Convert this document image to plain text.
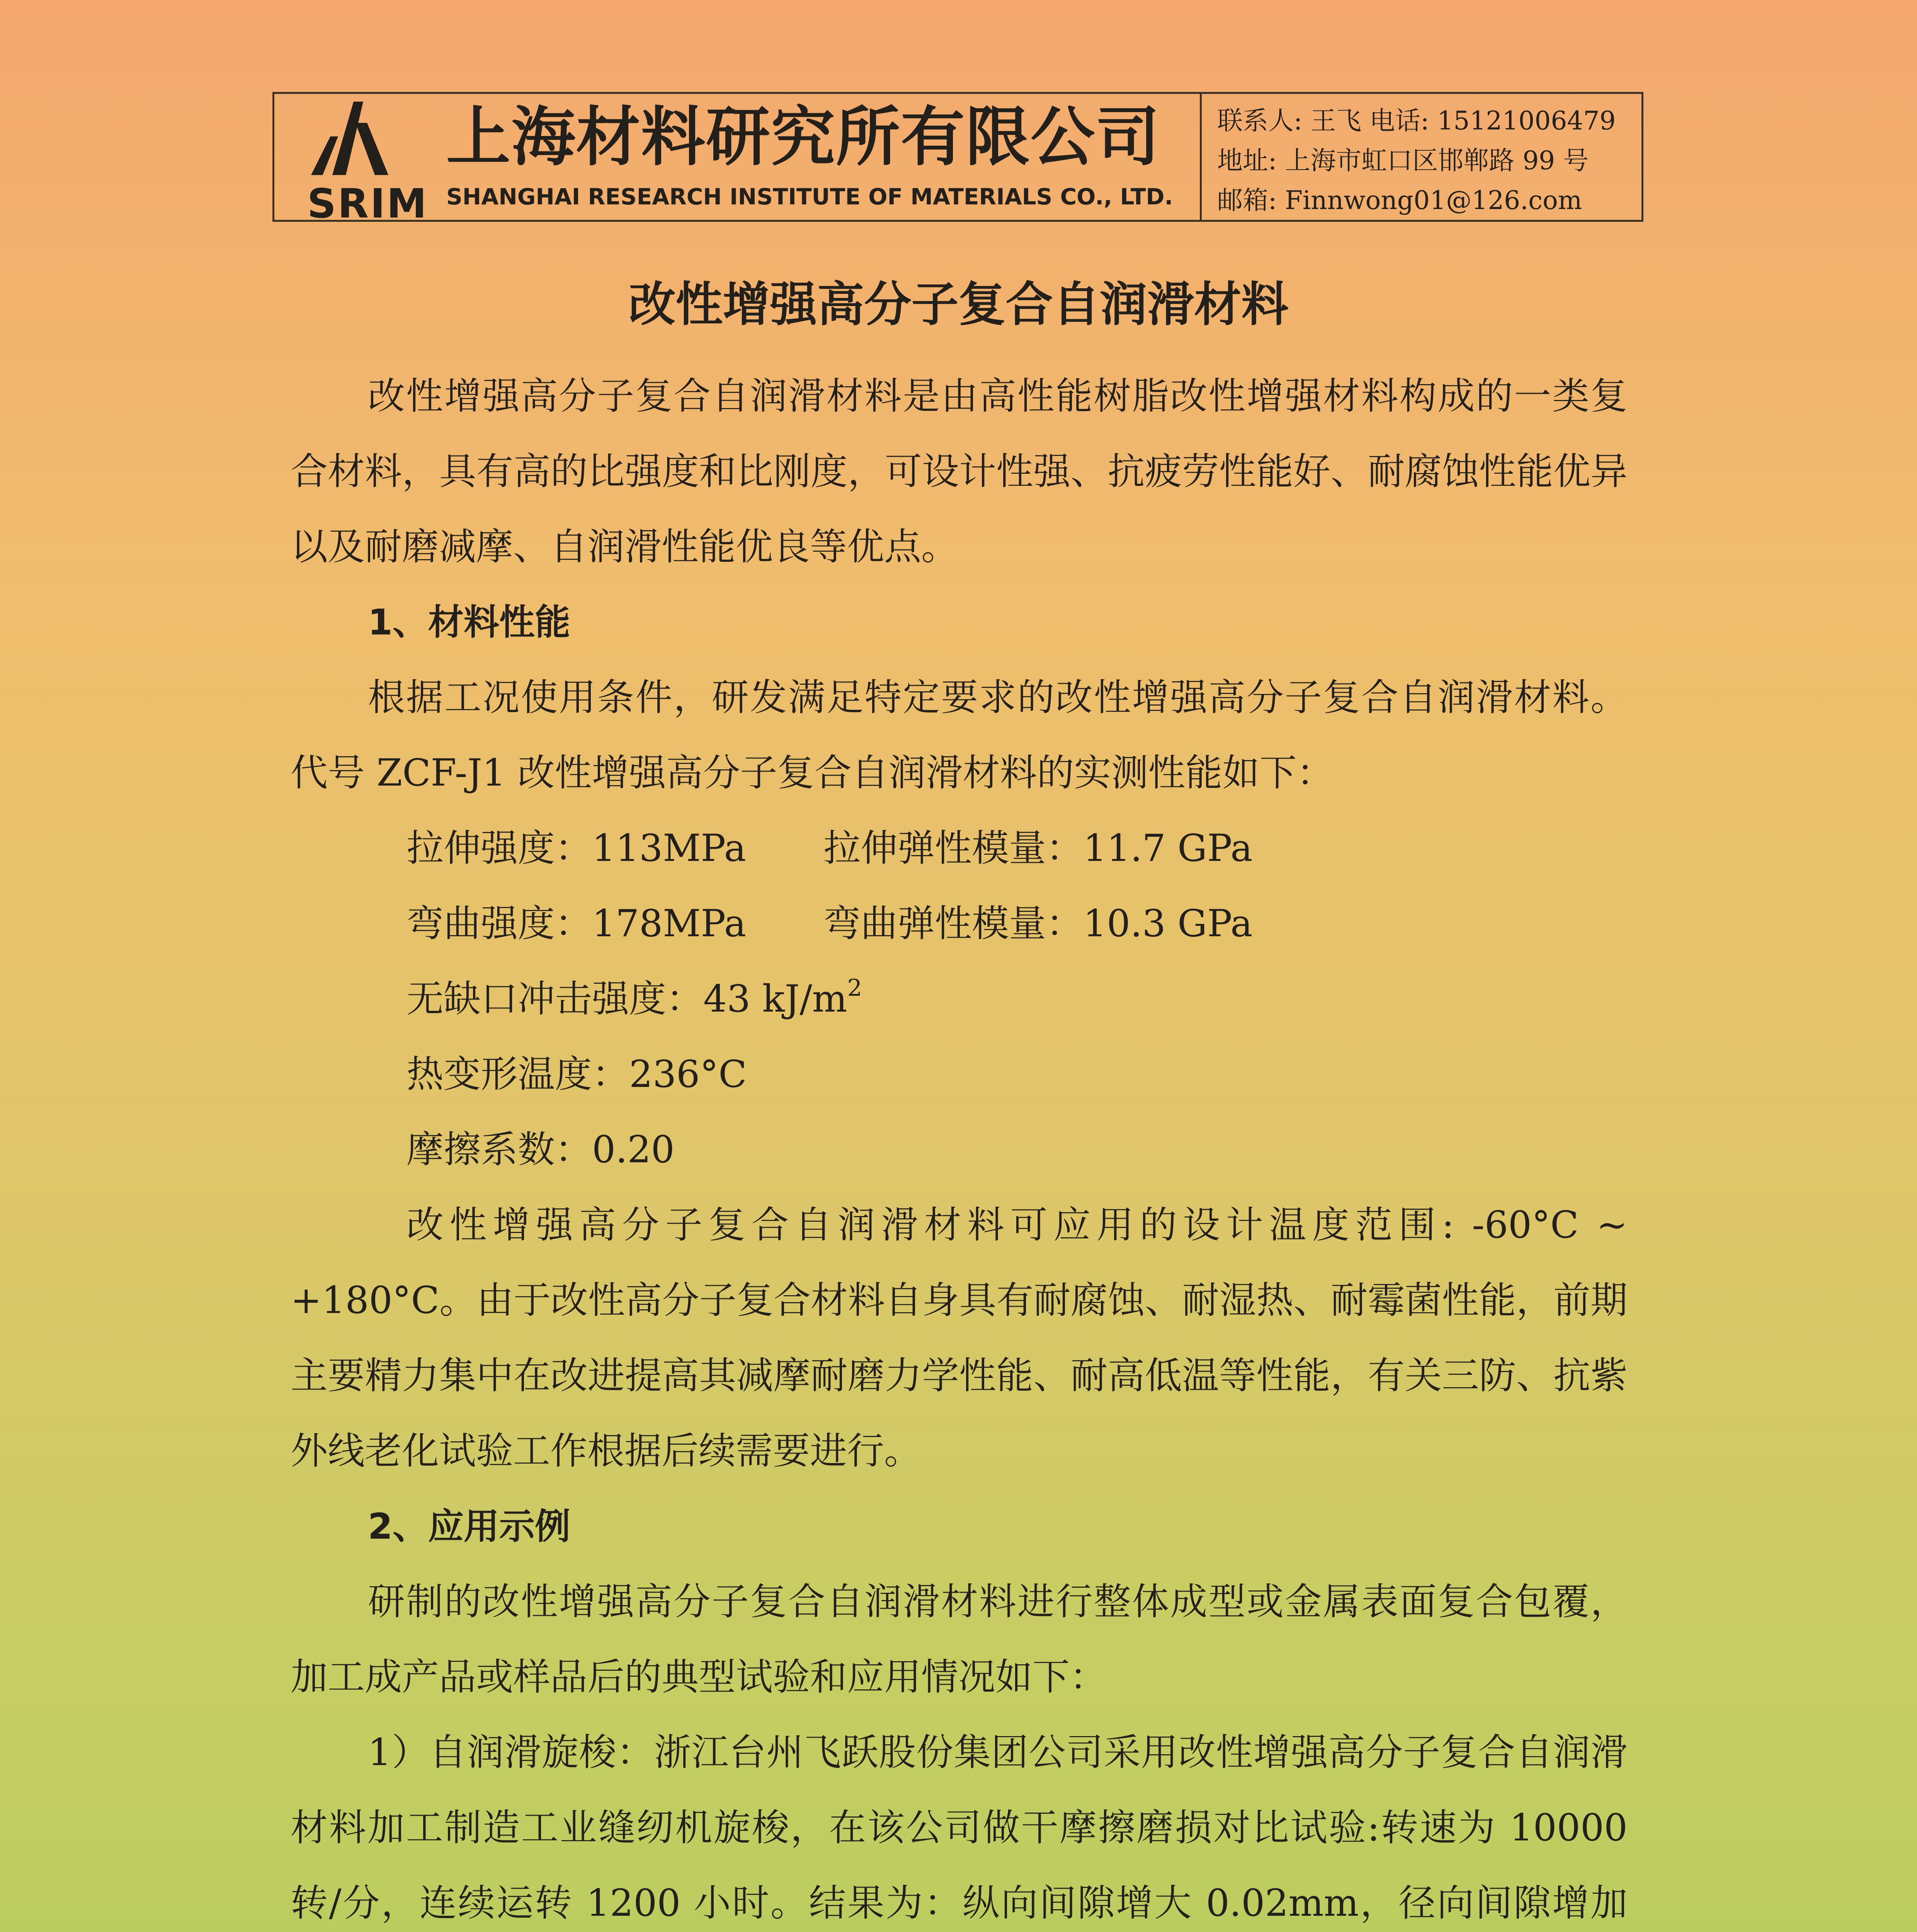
SRIM
上海材料研究所有限公司
SHANGHAI RESEARCH INSTITUTE OF MATERIALS CO., LTD.
联系人: 王飞 电话: 15121006479
地址: 上海市虹口区邯郸路 99 号
邮箱: Finnwong01@126.com
改性增强高分子复合自润滑材料

改性增强高分子复合自润滑材料是由高性能树脂改性增强材料构成的一类复合材料，具有高的比强度和比刚度，可设计性强、抗疲劳性能好、耐腐蚀性能优异以及耐磨减摩、自润滑性能优良等优点。

1、材料性能

根据工况使用条件，研发满足特定要求的改性增强高分子复合自润滑材料。代号 ZCF-J1 改性增强高分子复合自润滑材料的实测性能如下：

拉伸强度：113MPa 拉伸弹性模量：11.7 GPa

弯曲强度：178MPa 弯曲弹性模量：10.3 GPa

无缺口冲击强度：43 $kJ/m^2$

热变形温度：236°C

摩擦系数：0.20

改性增强高分子复合自润滑材料可应用的设计温度范围: -60°C ~ +180°C。由于改性高分子复合材料自身具有耐腐蚀、耐湿热、耐霉菌性能，前期主要精力集中在改进提高其减摩耐磨力学性能、耐高低温等性能，有关三防、抗紫外线老化试验工作根据后续需要进行。

2、应用示例

研制的改性增强高分子复合自润滑材料进行整体成型或金属表面复合包覆，加工成产品或样品后的典型试验和应用情况如下：

1）自润滑旋梭：浙江台州飞跃股份集团公司采用改性增强高分子复合自润滑材料加工制造工业缝纫机旋梭，在该公司做干摩擦磨损对比试验:转速为 10000 转/分，连续运转 1200 小时。结果为：纵向间隙增大 0.02mm，径向间隙增加
